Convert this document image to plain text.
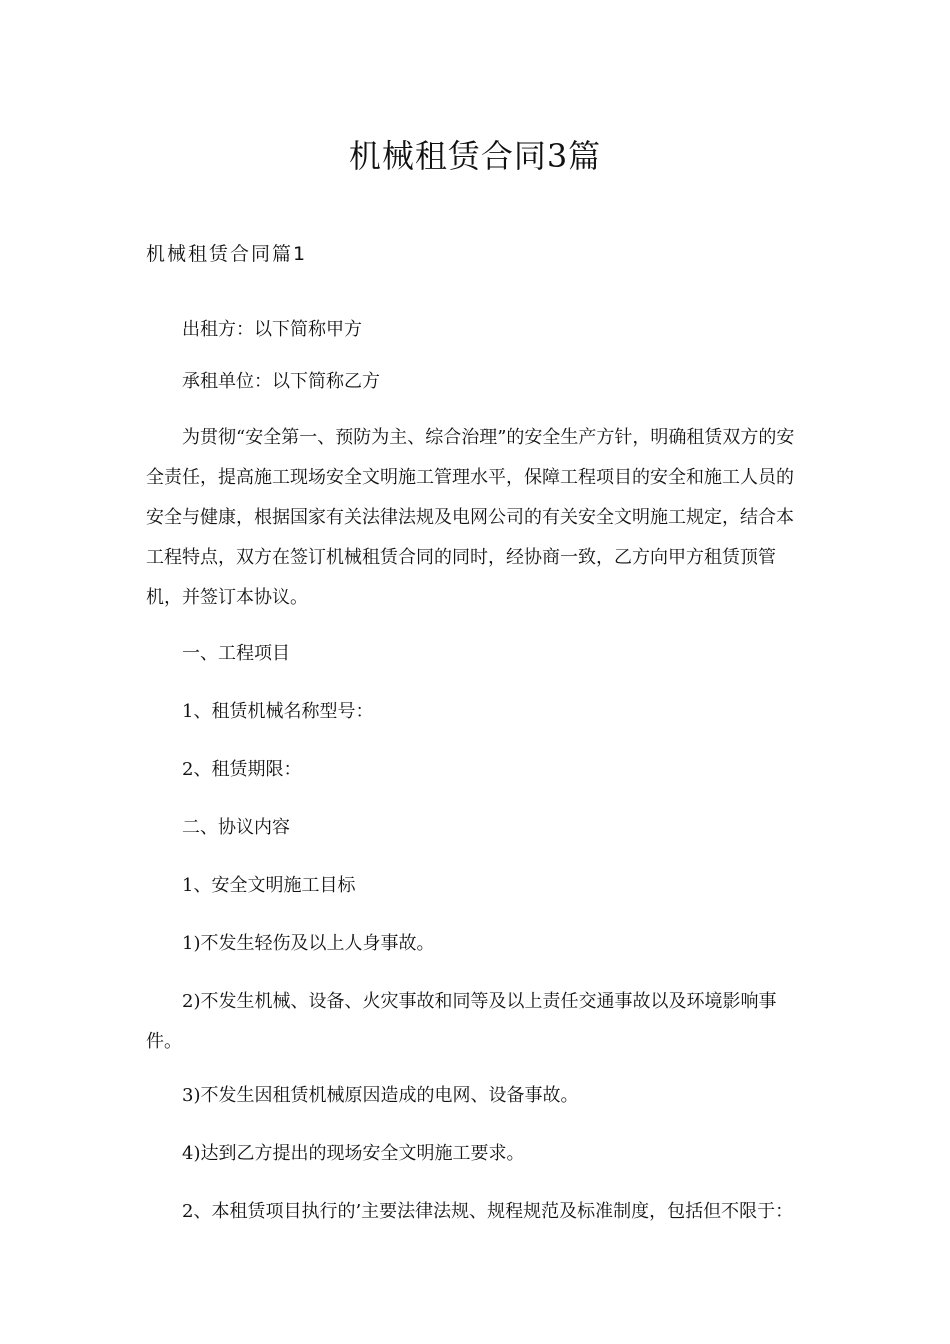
机械租赁合同3篇
机械租赁合同篇1

出租方：以下简称甲方

承租单位：以下简称乙方

为贯彻“安全第一、预防为主、综合治理”的安全生产方针，明确租赁双方的安全责任，提高施工现场安全文明施工管理水平，保障工程项目的安全和施工人员的安全与健康，根据国家有关法律法规及电网公司的有关安全文明施工规定，结合本工程特点，双方在签订机械租赁合同的同时，经协商一致，乙方向甲方租赁顶管机，并签订本协议。

一、工程项目

1、租赁机械名称型号：

2、租赁期限：

二、协议内容

1、安全文明施工目标

1)不发生轻伤及以上人身事故。

2)不发生机械、设备、火灾事故和同等及以上责任交通事故以及环境影响事件。

3)不发生因租赁机械原因造成的电网、设备事故。

4)达到乙方提出的现场安全文明施工要求。

2、本租赁项目执行的’主要法律法规、规程规范及标准制度，包括但不限于：
